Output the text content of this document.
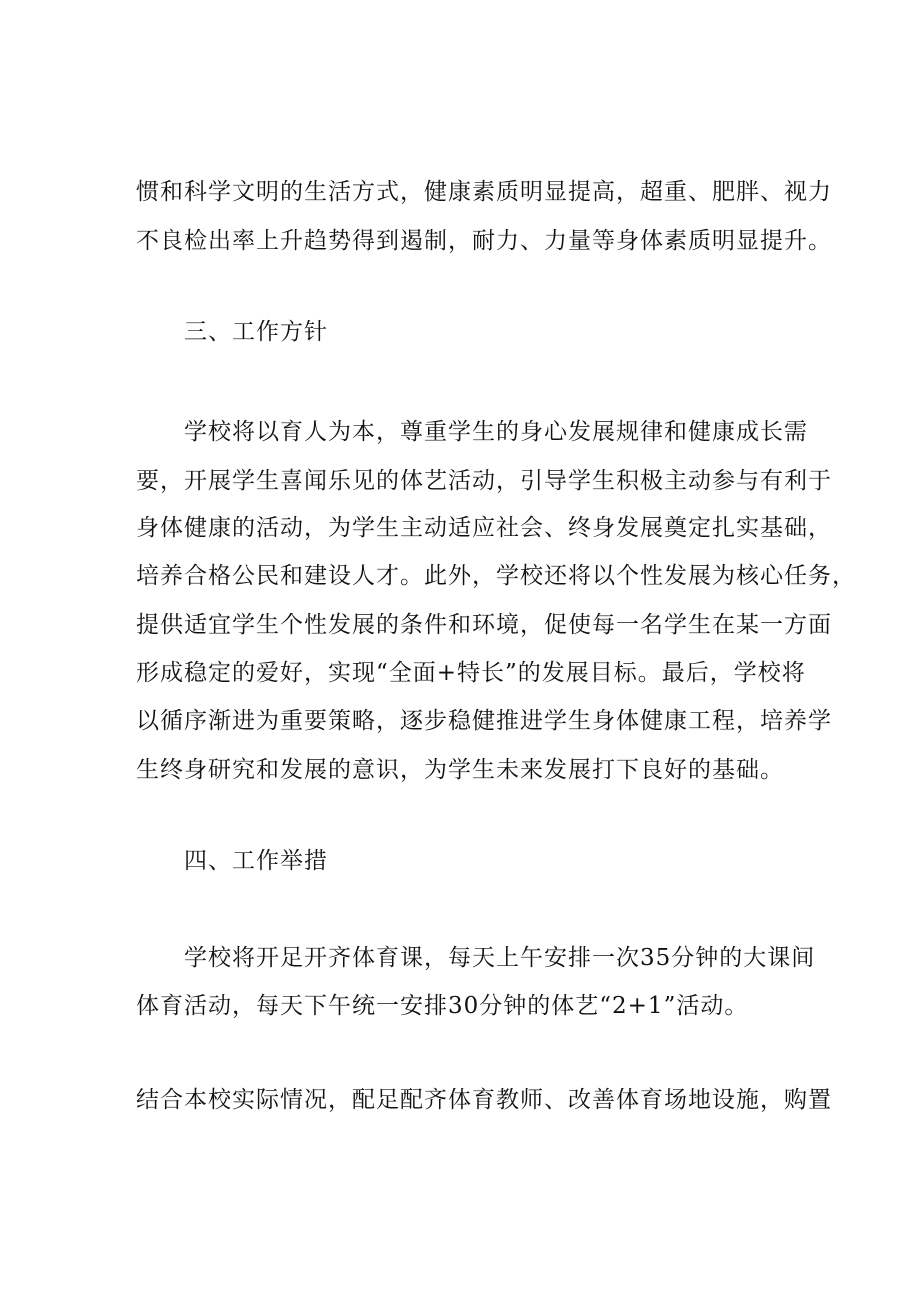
惯和科学文明的生活方式，健康素质明显提高，超重、肥胖、视力
不良检出率上升趋势得到遏制，耐力、力量等身体素质明显提升。
三、工作方针
学校将以育人为本，尊重学生的身心发展规律和健康成长需
要，开展学生喜闻乐见的体艺活动，引导学生积极主动参与有利于
身体健康的活动，为学生主动适应社会、终身发展奠定扎实基础，
培养合格公民和建设人才。此外，学校还将以个性发展为核心任务，
提供适宜学生个性发展的条件和环境，促使每一名学生在某一方面
形成稳定的爱好，实现“全面+特长”的发展目标。最后，学校将
以循序渐进为重要策略，逐步稳健推进学生身体健康工程，培养学
生终身研究和发展的意识，为学生未来发展打下良好的基础。
四、工作举措
学校将开足开齐体育课，每天上午安排一次35分钟的大课间
体育活动，每天下午统一安排30分钟的体艺“2+1”活动。
结合本校实际情况，配足配齐体育教师、改善体育场地设施，购置
